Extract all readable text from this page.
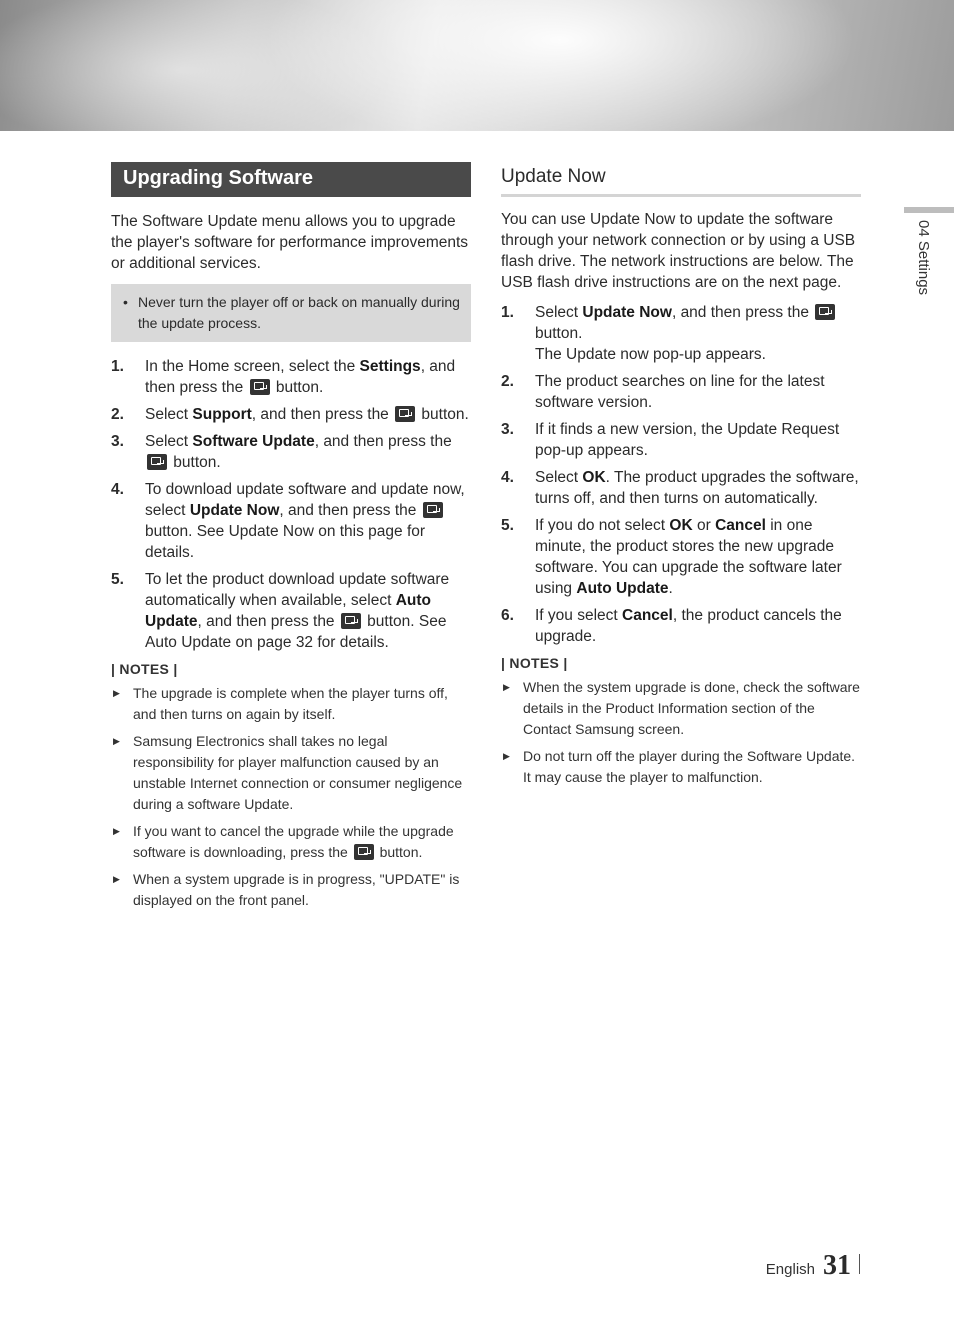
04 Settings
Upgrading Software

The Software Update menu allows you to upgrade the player's software for performance improvements or additional services.

• Never turn the player off or back on manually during the update process.
1.	In the Home screen, select the Settings, and then press the  button.
2.	Select Support, and then press the  button.
3.	Select Software Update, and then press the  button.
4.	To download update software and update now, select Update Now, and then press the  button. See Update Now on this page for details.
5.	To let the product download update software automatically when available, select Auto Update, and then press the  button. See Auto Update on page 32 for details.
| NOTES |
▶ The upgrade is complete when the player turns off, and then turns on again by itself.
▶ Samsung Electronics shall takes no legal responsibility for player malfunction caused by an unstable Internet connection or consumer negligence during a software Update.
▶ If you want to cancel the upgrade while the upgrade software is downloading, press the  button.
▶ When a system upgrade is in progress, "UPDATE" is displayed on the front panel.
Update Now

You can use Update Now to update the software through your network connection or by using a USB flash drive. The network instructions are below. The USB flash drive instructions are on the next page.

1.	Select Update Now, and then press the  button.
The Update now pop-up appears.
2.	The product searches on line for the latest software version.
3.	If it finds a new version, the Update Request pop-up appears.
4.	Select OK. The product upgrades the software, turns off, and then turns on automatically.
5.	If you do not select OK or Cancel in one minute, the product stores the new upgrade software. You can upgrade the software later using Auto Update.
6.	If you select Cancel, the product cancels the upgrade.
| NOTES |
▶ When the system upgrade is done, check the software details in the Product Information section of the Contact Samsung screen.
▶ Do not turn off the player during the Software Update. It may cause the player to malfunction.
English 31
